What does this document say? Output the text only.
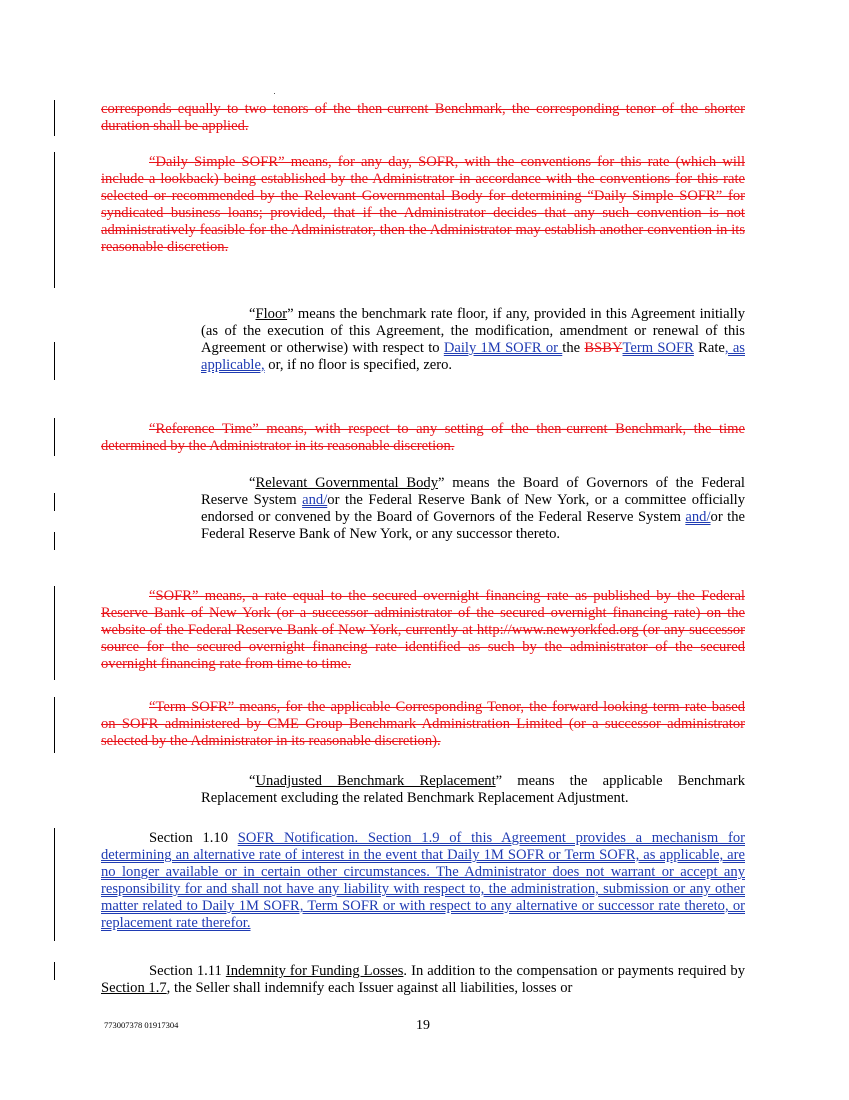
corresponds equally to two tenors of the then-current Benchmark, the corresponding tenor of the shorter duration shall be applied.

“Daily Simple SOFR” means, for any day, SOFR, with the conventions for this rate (which will include a lookback) being established by the Administrator in accordance with the conventions for this rate selected or recommended by the Relevant Governmental Body for determining “Daily Simple SOFR” for syndicated business loans; provided, that if the Administrator decides that any such convention is not administratively feasible for the Administrator, then the Administrator may establish another convention in its reasonable discretion.

“Floor” means the benchmark rate floor, if any, provided in this Agreement initially (as of the execution of this Agreement, the modification, amendment or renewal of this Agreement or otherwise) with respect to Daily 1M SOFR or the BSBYTerm SOFR Rate, as applicable, or, if no floor is specified, zero.

“Reference Time” means, with respect to any setting of the then-current Benchmark, the time determined by the Administrator in its reasonable discretion.

“Relevant Governmental Body” means the Board of Governors of the Federal Reserve System and/or the Federal Reserve Bank of New York, or a committee officially endorsed or convened by the Board of Governors of the Federal Reserve System and/or the Federal Reserve Bank of New York, or any successor thereto.

“SOFR” means, a rate equal to the secured overnight financing rate as published by the Federal Reserve Bank of New York (or a successor administrator of the secured overnight financing rate) on the website of the Federal Reserve Bank of New York, currently at http://www.newyorkfed.org (or any successor source for the secured overnight financing rate identified as such by the administrator of the secured overnight financing rate from time to time.

“Term SOFR” means, for the applicable Corresponding Tenor, the forward-looking term rate based on SOFR administered by CME Group Benchmark Administration Limited (or a successor administrator selected by the Administrator in its reasonable discretion).

“Unadjusted Benchmark Replacement” means the applicable Benchmark Replacement excluding the related Benchmark Replacement Adjustment.

Section 1.10 SOFR Notification. Section 1.9 of this Agreement provides a mechanism for determining an alternative rate of interest in the event that Daily 1M SOFR or Term SOFR, as applicable, are no longer available or in certain other circumstances. The Administrator does not warrant or accept any responsibility for and shall not have any liability with respect to, the administration, submission or any other matter related to Daily 1M SOFR, Term SOFR or with respect to any alternative or successor rate thereto, or replacement rate therefor.

Section 1.11 Indemnity for Funding Losses. In addition to the compensation or payments required by Section 1.7, the Seller shall indemnify each Issuer against all liabilities, losses or

773007378 01917304	19
